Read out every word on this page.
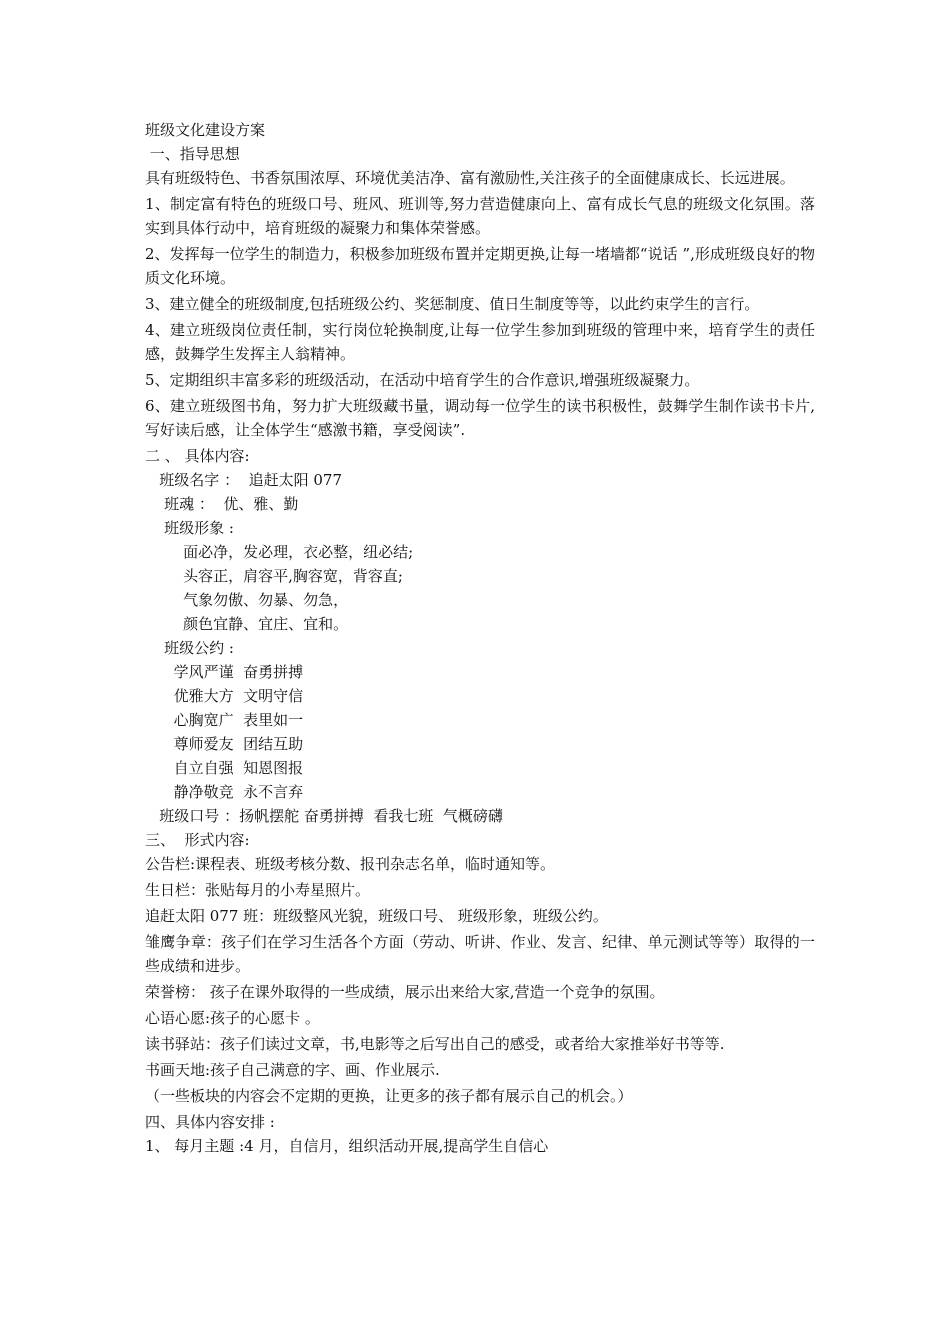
班级文化建设方案
一、指导思想
具有班级特色、书香氛围浓厚、环境优美洁净、富有激励性,关注孩子的全面健康成长、长远进展。
1、制定富有特色的班级口号、班风、班训等,努力营造健康向上、富有成长气息的班级文化氛围。落实到具体行动中，培育班级的凝聚力和集体荣誉感。
2、发挥每一位学生的制造力，积极参加班级布置并定期更换,让每一堵墙都“说话 ”,形成班级良好的物质文化环境。
3、建立健全的班级制度,包括班级公约、奖惩制度、值日生制度等等，以此约束学生的言行。
4、建立班级岗位责任制，实行岗位轮换制度,让每一位学生参加到班级的管理中来，培育学生的责任感，鼓舞学生发挥主人翁精神。
5、定期组织丰富多彩的班级活动，在活动中培育学生的合作意识,增强班级凝聚力。
6、建立班级图书角，努力扩大班级藏书量，调动每一位学生的读书积极性，鼓舞学生制作读书卡片,写好读后感，让全体学生“感激书籍，享受阅读”.
二 、 具体内容:
班级名字 ：  追赶太阳 077
班魂 ：  优、雅、勤
班级形象 :
面必净，发必理，衣必整，纽必结;
头容正，肩容平,胸容宽，背容直;
气象勿傲、勿暴、勿急，
颜色宜静、宜庄、宜和。
班级公约 :
学风严谨  奋勇拼搏
优雅大方  文明守信
心胸宽广  表里如一
尊师爱友  团结互助
自立自强  知恩图报
静净敬竞  永不言弃
班级口号 ：扬帆摆舵 奋勇拼搏  看我七班  气概磅礴
三、  形式内容:
公告栏:课程表、班级考核分数、报刊杂志名单，临时通知等。
生日栏：张贴每月的小寿星照片。
追赶太阳 077 班：班级整风光貌，班级口号、 班级形象，班级公约。
雏鹰争章：孩子们在学习生活各个方面（劳动、听讲、作业、发言、纪律、单元测试等等）取得的一些成绩和进步。
荣誉榜： 孩子在课外取得的一些成绩，展示出来给大家,营造一个竞争的氛围。
心语心愿:孩子的心愿卡 。
读书驿站：孩子们读过文章，书,电影等之后写出自己的感受，或者给大家推举好书等等.
书画天地:孩子自己满意的字、画、作业展示.
（一些板块的内容会不定期的更换，让更多的孩子都有展示自己的机会。）
四、具体内容安排 :
1、 每月主题 :4 月，自信月，组织活动开展,提高学生自信心
